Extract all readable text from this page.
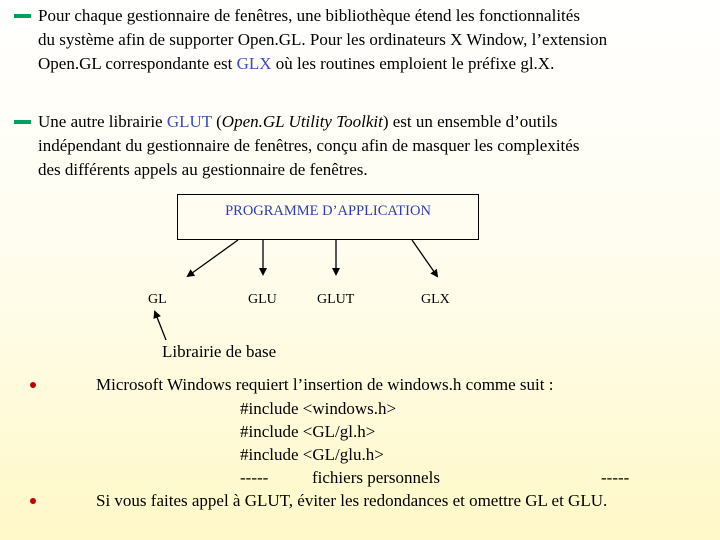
Pour chaque gestionnaire de fenêtres, une bibliothèque étend les fonctionnalités
du système afin de supporter Open.GL. Pour les ordinateurs X Window, l’extension
Open.GL correspondante est GLX où les routines emploient le préfixe gl.X.
Une autre librairie GLUT (Open.GL Utility Toolkit) est un ensemble d’outils
indépendant du gestionnaire de fenêtres, conçu afin de masquer les complexités
des différents appels au gestionnaire de fenêtres.
PROGRAMME D’APPLICATION
GL	GLU	GLUT	GLX
Librairie de base
Microsoft Windows requiert l’insertion de windows.h comme suit :
#include <windows.h>
#include <GL/gl.h>
#include <GL/glu.h>
-----	fichiers personnels	-----
Si vous faites appel à GLUT, éviter les redondances et omettre GL et GLU.
